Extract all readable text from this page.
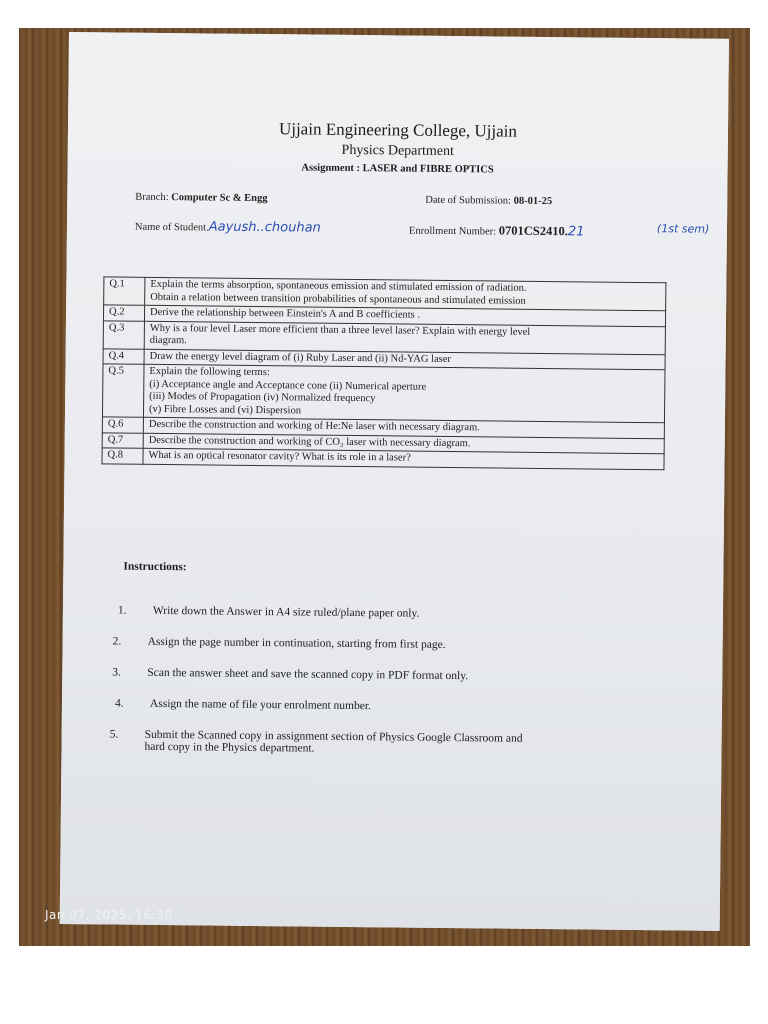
Ujjain Engineering College, Ujjain
Physics Department
Assignment : LASER and FIBRE OPTICS
Branch: Computer Sc & Engg	Date of Submission: 08-01-25
Name of Student.Aayush..chouhan	Enrollment Number: 0701CS2410.21	(1st sem)
Q.1	Explain the terms absorption, spontaneous emission and stimulated emission of radiation.
Obtain a relation between transition probabilities of spontaneous and stimulated emission

Q.2	Derive the relationship between Einstein's A and B coefficients .

Q.3	Why is a four level Laser more efficient than a three level laser? Explain with energy level
diagram.

Q.4	Draw the energy level diagram of (i) Ruby Laser and (ii) Nd-YAG laser

Q.5	Explain the following terms:
(i) Acceptance angle and Acceptance cone (ii) Numerical aperture
(iii) Modes of Propagation (iv) Normalized frequency
(v) Fibre Losses and (vi) Dispersion

Q.6	Describe the construction and working of He:Ne laser with necessary diagram.

Q.7	Describe the construction and working of CO₂ laser with necessary diagram.

Q.8	What is an optical resonator cavity? What is its role in a laser?
Instructions:
1.	Write down the Answer in A4 size ruled/plane paper only.
2.	Assign the page number in continuation, starting from first page.
3.	Scan the answer sheet and save the scanned copy in PDF format only.
4.	Assign the name of file your enrolment number.
5.	Submit the Scanned copy in assignment section of Physics Google Classroom and
hard copy in the Physics department.
Jan 07, 2025, 16:30
